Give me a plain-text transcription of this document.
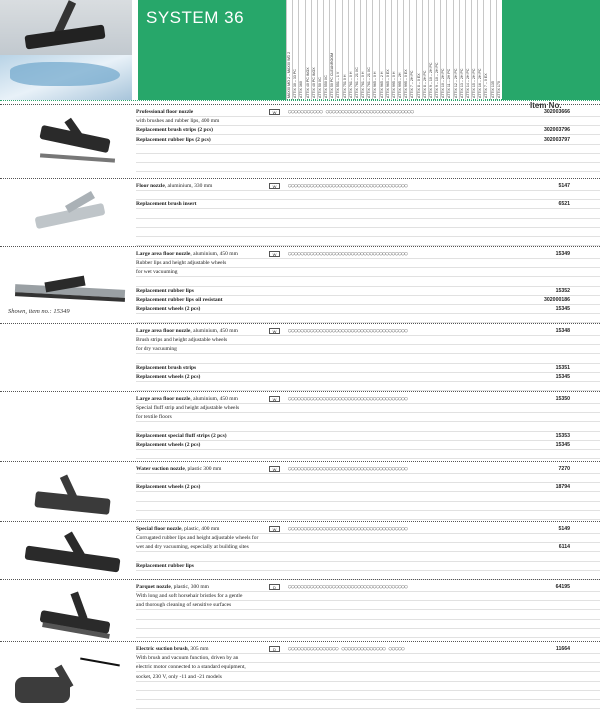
SYSTEM 36
MAXXI MO 2 – MAXXI WD 2 ATTIX 30 – 33 PC ATTIX 360 ATTIX 40 PC INOX ATTIX 40 PC INOX ATTIX 50 XC ATTIX 550 XC ATTIX 50 PC CLEANROOM ATTIX 551 – 1 V ATTIX 751 0 H ATTIX 761 – 0 H ATTIX 761 – 21 XC ATTIX 761 – 0 H ATTIX 761 – 21 XC ATTIX 965 – 0 H ATTIX 965 – 2 H ATTIX 965 – 0 EX ATTIX 995 – 0 H ATTIX 995 – 2H ATTIX 995 – 0 EX ATTIX 7 – 2H PC ATTIX 8 – 0 EX ATTIX 8 – 2H PC ATTIX 9 – 10 – 2H PC ATTIX 9 – 10 – 2H PC ATTIX 10 – 2H PC ATTIX 11 – 2H PC ATTIX 12 – 2H PC ATTIX 13 – 2H PC ATTIX 14 – 2H PC ATTIX 15 – 2H PC ATTIX 16 – 2H PC ATTIX 7 – 0 EX ATTIX 135 ATTIX 170
Item No.
Professional floor nozzle	W	○○○○○○○○○○○ ○○○○○○○○○○○○○○○○○○○○○○○○○○○○	302003666
with brushes and rubber lips, 400 mm
Replacement brush strips (2 pcs)	302003796
Replacement rubber lips (2 pcs)	302003797
Floor nozzle, aluminium, 330 mm	W	○○○○○○○○○○○○○○○○○○○○○○○○○○○○○○○○○○○○○○	5147
Replacement brush insert	6521
Shown, item no.: 15349
Large area floor nozzle, aluminium, 450 mm	W	○○○○○○○○○○○○○○○○○○○○○○○○○○○○○○○○○○○○○○	15349
Rubber lips and height adjustable wheels
for wet vacuuming
Replacement rubber lips	15352
Replacement rubber lips oil resistant	302000186
Replacement wheels (2 pcs)	15345
Large area floor nozzle, aluminium, 450 mm	W	○○○○○○○○○○○○○○○○○○○○○○○○○○○○○○○○○○○○○○	15348
Brush strips and height adjustable wheels
for dry vacuuming
Replacement brush strips	15351
Replacement wheels (2 pcs)	15345
Large area floor nozzle, aluminium, 450 mm	W	○○○○○○○○○○○○○○○○○○○○○○○○○○○○○○○○○○○○○○	15350
Special fluff strip and height adjustable wheels
for textile floors
Replacement special fluff strips (2 pcs)	15353
Replacement wheels (2 pcs)	15345
Water suction nozzle, plastic 300 mm	W	○○○○○○○○○○○○○○○○○○○○○○○○○○○○○○○○○○○○○○	7270
Replacement wheels (2 pcs)	18794
Special floor nozzle, plastic, 400 mm	W	○○○○○○○○○○○○○○○○○○○○○○○○○○○○○○○○○○○○○○	5149
Corrugated rubber lips and height adjustable wheels for
wet and dry vacuuming, especially at building sites	6114
Replacement rubber lips
Parquet nozzle, plastic, 300 mm	D	○○○○○○○○○○○○○○○○○○○○○○○○○○○○○○○○○○○○○○	64195
With long and soft horsehair bristles for a gentle
and thorough cleaning of sensitive surfaces
Electric suction brush, 305 mm	D	○○○○○○○○○○○○○○○○ ○○○○○○○○○○○○○○ ○○○○○	11664
With brush and vacuum function, driven by an
electric motor connected to a standard equipment,
socket, 230 V, only -11 and -21 models
